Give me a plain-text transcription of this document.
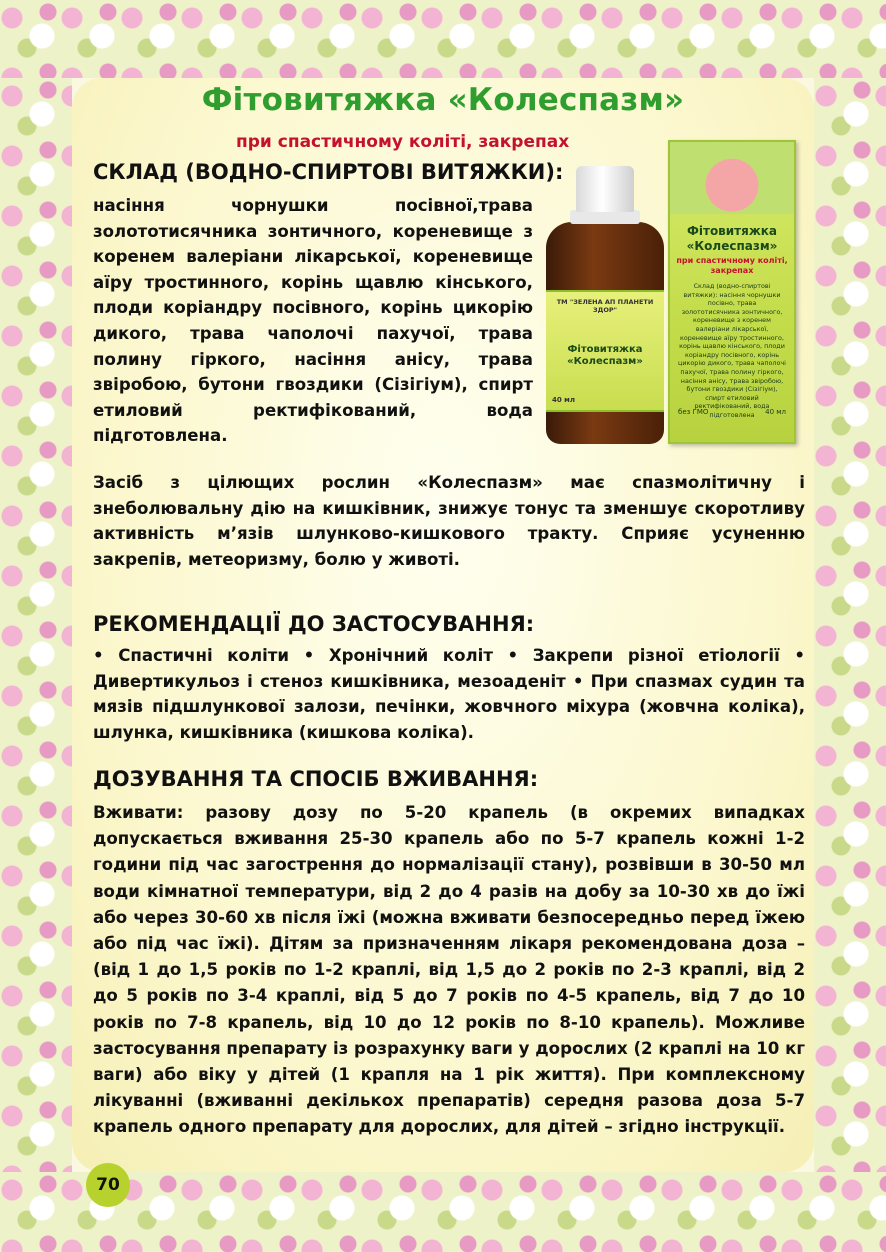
Фітовитяжка «Колеспазм»
при спастичному коліті, закрепах
СКЛАД (ВОДНО-СПИРТОВІ ВИТЯЖКИ):
насіння чорнушки посівної,трава золототисячника зонтичного, кореневище з коренем валеріани лікарської, кореневище аїру тростинного, корінь щавлю кінського, плоди коріандру посівного, корінь цикорію дикого, трава чаполочі пахучої, трава полину гіркого, насіння анісу, трава звіробою, бутони гвоздики (Сізігіум), спирт етиловий ректифікований, вода підготовлена.
ТМ "ЗЕЛЕНА АП ПЛАНЕТИ ЗДОР"
Фітовитяжка «Колеспазм»
40 мл
Фітовитяжка «Колеспазм»
при спастичному коліті, закрепах
Склад (водно-спиртові витяжки): насіння чорнушки посівно, трава золототисячника зонтичного, кореневище з коренем валеріани лікарської, кореневище аїру тростинного, корінь щавлю кінського, плоди коріандру посівного, корінь цикорію дикого, трава чаполочі пахучої, трава полину гіркого, насіння анісу, трава звіробою, бутони гвоздики (Сізігіум), спирт етиловий ректифікований, вода підготовлена
без ГМО	40 мл
Засіб з цілющих рослин «Колеспазм» має спазмолітичну і знеболювальну дію на кишківник, знижує тонус та зменшує скоротливу активність м’язів шлунково-кишкового тракту. Сприяє усуненню закрепів, метеоризму, болю у животі.
РЕКОМЕНДАЦІЇ ДО ЗАСТОСУВАННЯ:
• Спастичні коліти • Хронічний коліт • Закрепи різної етіології • Дивертикульоз і стеноз кишківника, мезоаденіт • При спазмах судин та мязів підшлункової залози, печінки, жовчного міхура (жовчна коліка), шлунка, кишківника (кишкова коліка).
ДОЗУВАННЯ ТА СПОСІБ ВЖИВАННЯ:
Вживати: разову дозу по 5-20 крапель (в окремих випадках допускається вживання 25-30 крапель або по 5-7 крапель кожні 1-2 години під час загострення до нормалізації стану), розвівши в 30-50 мл води кімнатної температури, від 2 до 4 разів на добу за 10-30 хв до їжі або через 30-60 хв після їжі (можна вживати безпосередньо перед їжею або під час їжі). Дітям за призначенням лікаря рекомендована доза – (від 1 до 1,5 років по 1-2 краплі, від 1,5 до 2 років по 2-3 краплі, від 2 до 5 років по 3-4 краплі, від 5 до 7 років по 4-5 крапель, від 7 до 10 років по 7-8 крапель, від 10 до 12 років по 8-10 крапель). Можливе застосування препарату із розрахунку ваги у дорослих (2 краплі на 10 кг ваги) або віку у дітей (1 крапля на 1 рік життя). При комплексному лікуванні (вживанні декількох препаратів) середня разова доза 5-7 крапель одного препарату для дорослих, для дітей – згідно інструкції.
70
